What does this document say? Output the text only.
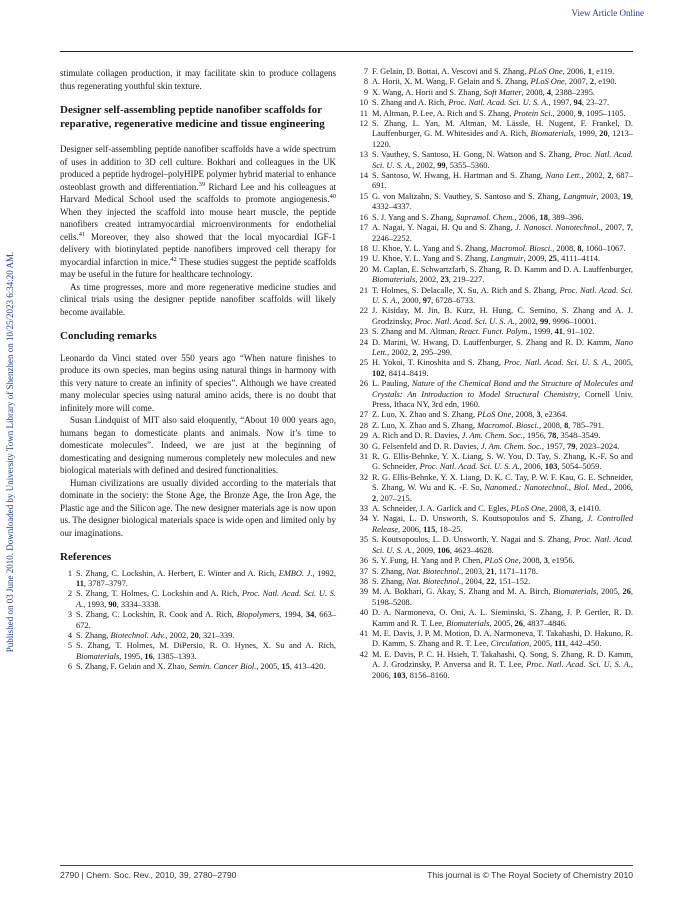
View Article Online
Published on 03 June 2010. Downloaded by University Town Library of Shenzhen on 10/25/2023 6:34:20 AM.

stimulate collagen production, it may facilitate skin to produce collagens thus regenerating youthful skin texture.

Designer self-assembling peptide nanofiber scaffolds for reparative, regenerative medicine and tissue engineering

Designer self-assembling peptide nanofiber scaffolds have a wide spectrum of uses in addition to 3D cell culture. Bokhari and colleagues in the UK produced a peptide hydrogel–polyHIPE polymer hybrid material to enhance osteoblast growth and differentiation.$^{39}$ Richard Lee and his colleagues at Harvard Medical School used the scaffolds to promote angiogenesis.$^{40}$ When they injected the scaffold into mouse heart muscle, the peptide nanofibers created intramyocardial microenvironments for endothelial cells.$^{41}$ Moreover, they also showed that the local myocardial IGF-1 delivery with biotinylated peptide nanofibers improved cell therapy for myocardial infarction in mice.$^{42}$ These studies suggest the peptide scaffolds may be useful in the future for healthcare technology.

As time progresses, more and more regenerative medicine studies and clinical trials using the designer peptide nanofiber scaffolds will likely become available.

Concluding remarks

Leonardo da Vinci stated over 550 years ago “When nature finishes to produce its own species, man begins using natural things in harmony with this very nature to create an infinity of species”. Although we have created many molecular species using natural amino acids, there is no doubt that infinitely more will come.

Susan Lindquist of MIT also said eloquently, “About 10 000 years ago, humans began to domesticate plants and animals. Now it’s time to domesticate molecules”. Indeed, we are just at the beginning of domesticating and designing numerous completely new molecules and new biological materials with defined and desired functionalities.

Human civilizations are usually divided according to the materials that dominate in the society: the Stone Age, the Bronze Age, the Iron Age, the Plastic age and the Silicon age. The new designer materials age is now upon us. The designer biological materials space is wide open and limited only by our imaginations.

References
1 S. Zhang, C. Lockshin, A. Herbert, E. Winter and A. Rich, EMBO. J., 1992, 11, 3787–3797.
2 S. Zhang, T. Holmes, C. Lockshin and A. Rich, Proc. Natl. Acad. Sci. U. S. A., 1993, 90, 3334–3338.
3 S. Zhang, C. Lockshin, R. Cook and A. Rich, Biopolymers, 1994, 34, 663–672.
4 S. Zhang, Biotechnol. Adv., 2002, 20, 321–339.
5 S. Zhang, T. Holmes, M. DiPersio, R. O. Hynes, X. Su and A. Rich, Biomaterials, 1995, 16, 1385–1393.
6 S. Zhang, F. Gelain and X. Zhao, Semin. Cancer Biol., 2005, 15, 413–420.
7 F. Gelain, D. Bottai, A. Vescovi and S. Zhang, PLoS One, 2006, 1, e119.
8 A. Horii, X. M. Wang, F. Gelain and S. Zhang, PLoS One, 2007, 2, e190.
9 X. Wang, A. Horii and S. Zhang, Soft Matter, 2008, 4, 2388–2395.
10 S. Zhang and A. Rich, Proc. Natl. Acad. Sci. U. S. A., 1997, 94, 23–27.
11 M. Altman, P. Lee, A. Rich and S. Zhang, Protein Sci., 2000, 9, 1095–1105.
12 S. Zhang, L. Yan, M. Altman, M. Lässle, H. Nugent, F. Frankel, D. Lauffenburger, G. M. Whitesides and A. Rich, Biomaterials, 1999, 20, 1213–1220.
13 S. Vauthey, S. Santoso, H. Gong, N. Watson and S. Zhang, Proc. Natl. Acad. Sci. U. S. A., 2002, 99, 5355–5360.
14 S. Santoso, W. Hwang, H. Hartman and S. Zhang, Nano Lett., 2002, 2, 687–691.
15 G. von Maltzahn, S. Vauthey, S. Santoso and S. Zhang, Langmuir, 2003, 19, 4332–4337.
16 S. J. Yang and S. Zhang, Supramol. Chem., 2006, 18, 389–396.
17 A. Nagai, Y. Nagai, H. Qu and S. Zhang, J. Nanosci. Nanotechnol., 2007, 7, 2246–2252.
18 U. Khoe, Y. L. Yang and S. Zhang, Macromol. Biosci., 2008, 8, 1060–1067.
19 U. Khoe, Y. L. Yang and S. Zhang, Langmuir, 2009, 25, 4111–4114.
20 M. Caplan, E. Schwartzfarb, S. Zhang, R. D. Kamm and D. A. Lauffenburger, Biomaterials, 2002, 23, 219–227.
21 T. Holmes, S. Delacalle, X. Su, A. Rich and S. Zhang, Proc. Natl. Acad. Sci. U. S. A., 2000, 97, 6728–6733.
22 J. Kisiday, M. Jin, B. Kurz, H. Hung, C. Semino, S. Zhang and A. J. Grodzinsky, Proc. Natl. Acad. Sci. U. S. A., 2002, 99, 9996–10001.
23 S. Zhang and M. Altman, React. Funct. Polym., 1999, 41, 91–102.
24 D. Marini, W. Hwang, D. Lauffenburger, S. Zhang and R. D. Kamm, Nano Lett., 2002, 2, 295–299.
25 H. Yokoi, T. Kinoshita and S. Zhang, Proc. Natl. Acad. Sci. U. S. A., 2005, 102, 8414–8419.
26 L. Pauling, Nature of the Chemical Bond and the Structure of Molecules and Crystals: An Introduction to Model Structural Chemistry, Cornell Univ. Press, Ithaca NY, 3rd edn, 1960.
27 Z. Luo, X. Zhao and S. Zhang, PLoS One, 2008, 3, e2364.
28 Z. Luo, X. Zhao and S. Zhang, Macromol. Biosci., 2008, 8, 785–791.
29 A. Rich and D. R. Davies, J. Am. Chem. Soc., 1956, 78, 3548–3549.
30 G. Felsenfeld and D. R. Davies, J. Am. Chem. Soc., 1957, 79, 2023–2024.
31 R. G. Ellis-Behnke, Y. X. Liang, S. W. You, D. Tay, S. Zhang, K.-F. So and G. Schneider, Proc. Natl. Acad. Sci. U. S. A., 2006, 103, 5054–5059.
32 R. G. Ellis-Behnke, Y. X. Liang, D. K. C. Tay, P. W. F. Kau, G. E. Schneider, S. Zhang, W. Wu and K. -F. So, Nanomed.: Nanotechnol., Biol. Med., 2006, 2, 207–215.
33 A. Schneider, J. A. Garlick and C. Egles, PLoS One, 2008, 3, e1410.
34 Y. Nagai, L. D. Unsworth, S. Koutsopoulos and S. Zhang, J. Controlled Release, 2006, 115, 18–25.
35 S. Koutsopoulos, L. D. Unsworth, Y. Nagai and S. Zhang, Proc. Natl. Acad. Sci. U. S. A., 2009, 106, 4623–4628.
36 S. Y. Fung, H. Yang and P. Chen, PLoS One, 2008, 3, e1956.
37 S. Zhang, Nat. Biotechnol., 2003, 21, 1171–1178.
38 S. Zhang, Nat. Biotechnol., 2004, 22, 151–152.
39 M. A. Bokhari, G. Akay, S. Zhang and M. A. Birch, Biomaterials, 2005, 26, 5198–5208.
40 D. A. Narmoneva, O. Oni, A. L. Sieminski, S. Zhang, J. P. Gertler, R. D. Kamm and R. T. Lee, Biomaterials, 2005, 26, 4837–4846.
41 M. E. Davis, J. P. M. Motion, D. A. Narmoneva, T. Takahashi, D. Hakuno, R. D. Kamm, S. Zhang and R. T. Lee, Circulation, 2005, 111, 442–450.
42 M. E. Davis, P. C. H. Hsieh, T. Takahashi, Q. Song, S. Zhang, R. D. Kamm, A. J. Grodzinsky, P. Anversa and R. T. Lee, Proc. Natl. Acad. Sci. U. S. A., 2006, 103, 8156–8160.
2790 | Chem. Soc. Rev., 2010, 39, 2780–2790	This journal is © The Royal Society of Chemistry 2010
